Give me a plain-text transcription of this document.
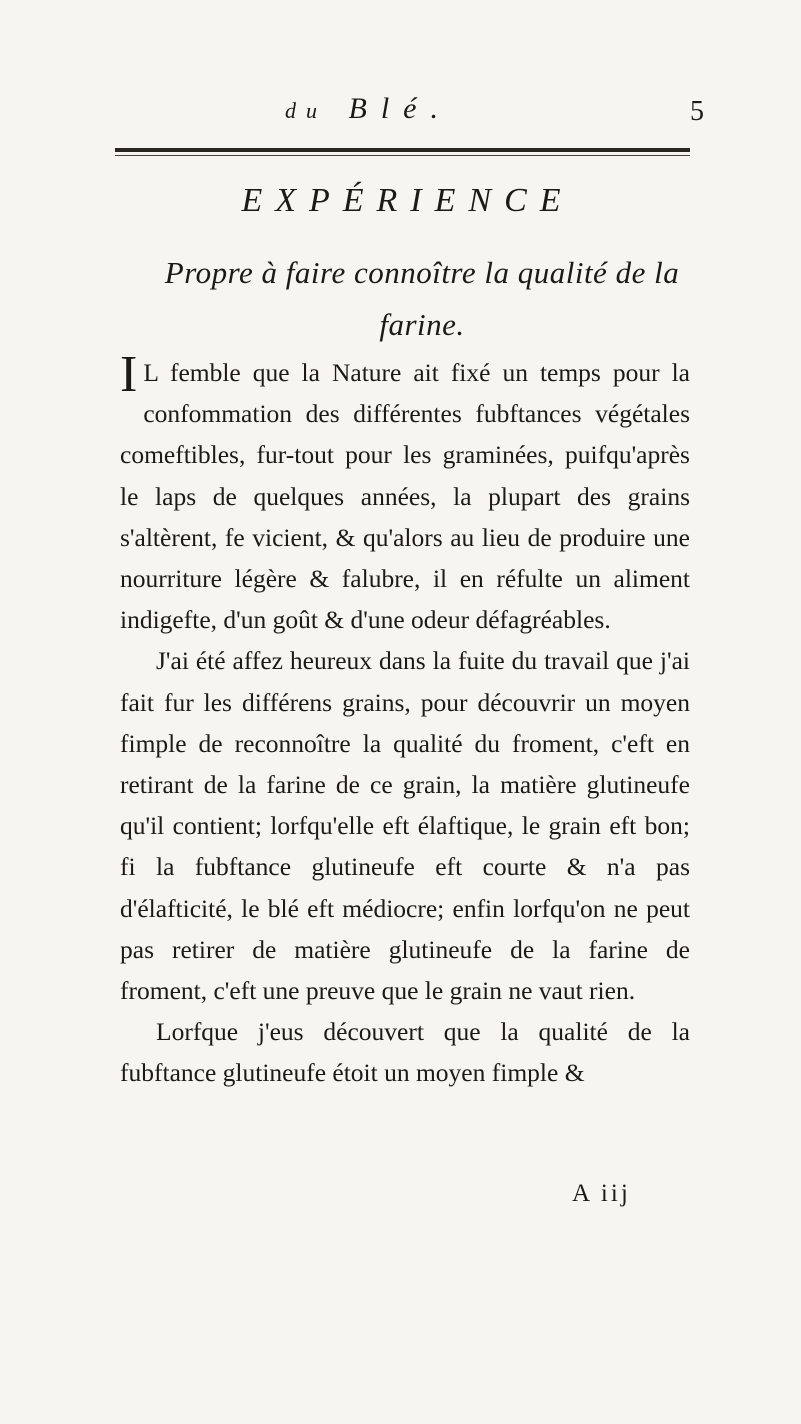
du Blé.	5
EXPÉRIENCE
Propre à faire connoître la qualité de la farine.

I L femble que la Nature ait fixé un temps pour la confommation des différentes fubftances végétales comeftibles, fur-tout pour les graminées, puifqu'après le laps de quelques années, la plupart des grains s'altèrent, fe vicient, & qu'alors au lieu de produire une nourriture légère & falubre, il en réfulte un aliment indigefte, d'un goût & d'une odeur défagréables.

J'ai été affez heureux dans la fuite du travail que j'ai fait fur les différens grains, pour découvrir un moyen fimple de reconnoître la qualité du froment, c'eft en retirant de la farine de ce grain, la matière glutineufe qu'il contient; lorfqu'elle eft élaftique, le grain eft bon; fi la fubftance glutineufe eft courte & n'a pas d'élafticité, le blé eft médiocre; enfin lorfqu'on ne peut pas retirer de matière glutineufe de la farine de froment, c'eft une preuve que le grain ne vaut rien.

Lorfque j'eus découvert que la qualité de la fubftance glutineufe étoit un moyen fimple &

A iij
